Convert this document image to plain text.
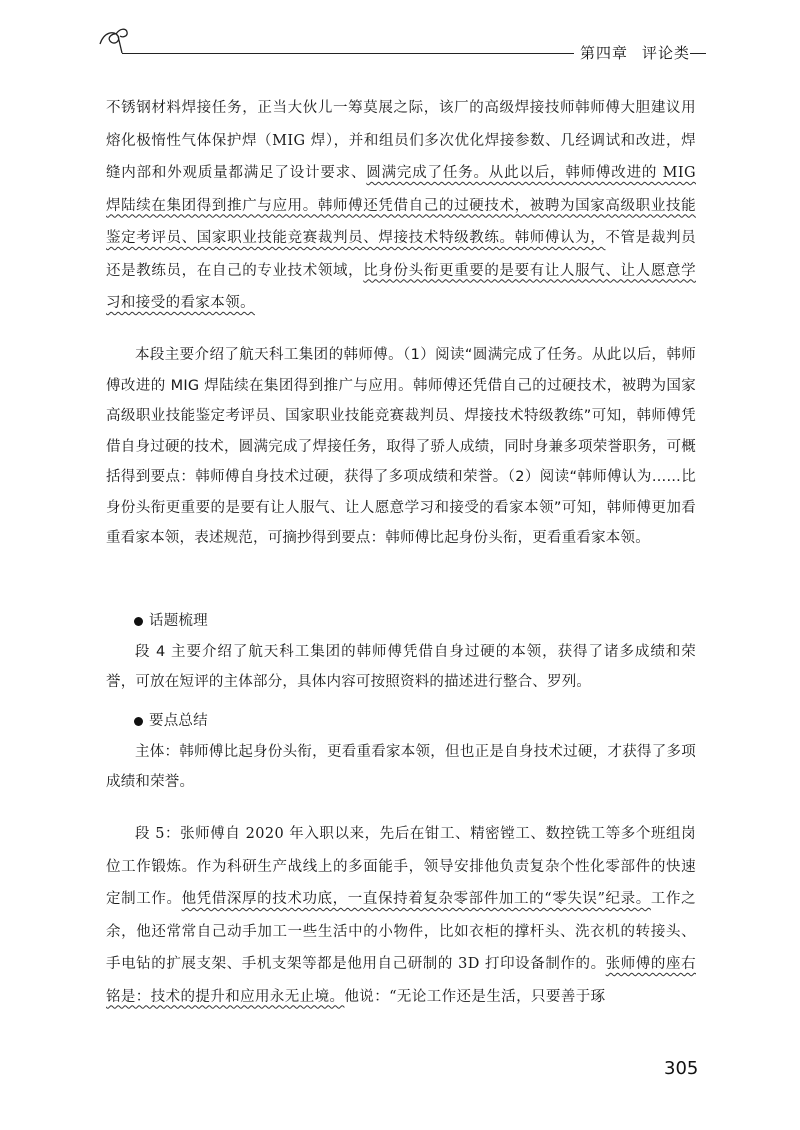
第四章 评论类

不锈钢材料焊接任务，正当大伙儿一筹莫展之际，该厂的高级焊接技师韩师傅大胆建议用熔化极惰性气体保护焊（MIG 焊），并和组员们多次优化焊接参数、几经调试和改进，焊缝内部和外观质量都满足了设计要求、圆满完成了任务。从此以后，韩师傅改进的 MIG 焊陆续在集团得到推广与应用。韩师傅还凭借自己的过硬技术，被聘为国家高级职业技能鉴定考评员、国家职业技能竞赛裁判员、焊接技术特级教练。韩师傅认为，不管是裁判员还是教练员，在自己的专业技术领域，比身份头衔更重要的是要有让人服气、让人愿意学习和接受的看家本领。

本段主要介绍了航天科工集团的韩师傅。（1）阅读“圆满完成了任务。从此以后，韩师傅改进的 MIG 焊陆续在集团得到推广与应用。韩师傅还凭借自己的过硬技术，被聘为国家高级职业技能鉴定考评员、国家职业技能竞赛裁判员、焊接技术特级教练”可知，韩师傅凭借自身过硬的技术，圆满完成了焊接任务，取得了骄人成绩，同时身兼多项荣誉职务，可概括得到要点：韩师傅自身技术过硬，获得了多项成绩和荣誉。（2）阅读“韩师傅认为……比身份头衔更重要的是要有让人服气、让人愿意学习和接受的看家本领”可知，韩师傅更加看重看家本领，表述规范，可摘抄得到要点：韩师傅比起身份头衔，更看重看家本领。

话题梳理

段 4 主要介绍了航天科工集团的韩师傅凭借自身过硬的本领，获得了诸多成绩和荣誉，可放在短评的主体部分，具体内容可按照资料的描述进行整合、罗列。

要点总结

主体：韩师傅比起身份头衔，更看重看家本领，但也正是自身技术过硬，才获得了多项成绩和荣誉。

段 5：张师傅自 2020 年入职以来，先后在钳工、精密镗工、数控铣工等多个班组岗位工作锻炼。作为科研生产战线上的多面能手，领导安排他负责复杂个性化零部件的快速定制工作。他凭借深厚的技术功底，一直保持着复杂零部件加工的“零失误”纪录。工作之余，他还常常自己动手加工一些生活中的小物件，比如衣柜的撑杆头、洗衣机的转接头、手电钻的扩展支架、手机支架等都是他用自己研制的 3D 打印设备制作的。张师傅的座右铭是：技术的提升和应用永无止境。他说：“无论工作还是生活，只要善于琢

305
